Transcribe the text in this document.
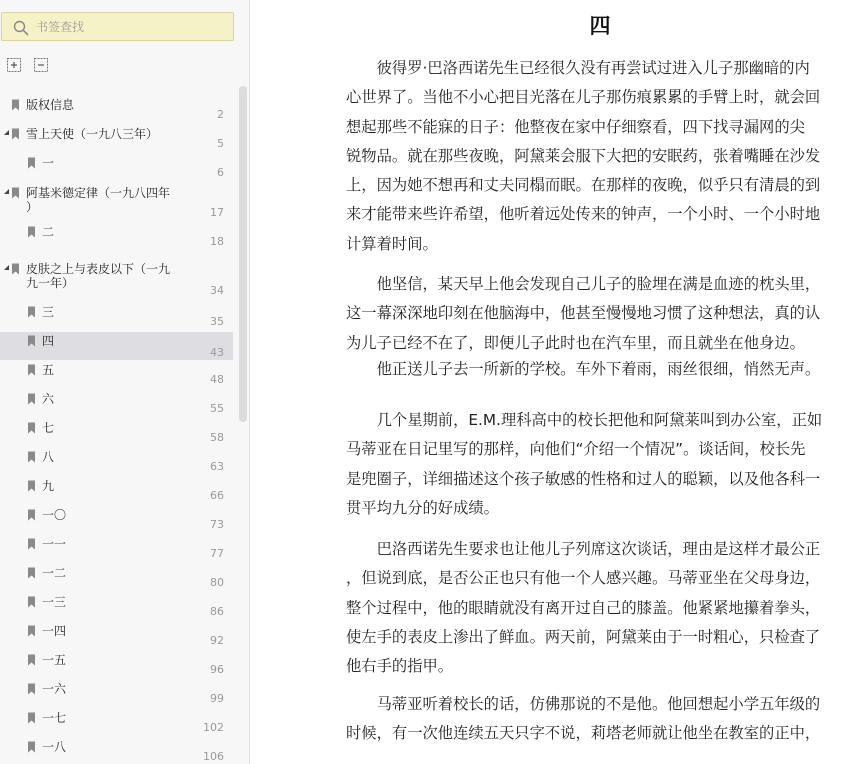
书签查找
版权信息
2
雪上天使（一九八三年）
5
一
6
阿基米德定律（一九八四年
）	17
二
18
皮肤之上与表皮以下（一九
九一年）
34
三
35
四
43
五
48
六
55
七
58
八
63
九
66
一〇
73
一一
77
一二
80
一三
86
一四
92
一五
96
一六
99
一七
102
一八
106
四

　　彼得罗·巴洛西诺先生已经很久没有再尝试过进入儿子那幽暗的内
心世界了。当他不小心把目光落在儿子那伤痕累累的手臂上时，就会回
想起那些不能寐的日子：他整夜在家中仔细察看，四下找寻漏网的尖
锐物品。就在那些夜晚，阿黛莱会服下大把的安眠药，张着嘴睡在沙发
上，因为她不想再和丈夫同榻而眠。在那样的夜晚，似乎只有清晨的到
来才能带来些许希望，他听着远处传来的钟声，一个小时、一个小时地
计算着时间。

　　他坚信，某天早上他会发现自己儿子的脸埋在满是血迹的枕头里，
这一幕深深地印刻在他脑海中，他甚至慢慢地习惯了这种想法，真的认
为儿子已经不在了，即便儿子此时也在汽车里，而且就坐在他身边。

　　他正送儿子去一所新的学校。车外下着雨，雨丝很细，悄然无声。

　　几个星期前，E.M.理科高中的校长把他和阿黛莱叫到办公室，正如
马蒂亚在日记里写的那样，向他们“介绍一个情况”。谈话间，校长先
是兜圈子，详细描述这个孩子敏感的性格和过人的聪颖，以及他各科一
贯平均九分的好成绩。

　　巴洛西诺先生要求也让他儿子列席这次谈话，理由是这样才最公正
，但说到底，是否公正也只有他一个人感兴趣。马蒂亚坐在父母身边，
整个过程中，他的眼睛就没有离开过自己的膝盖。他紧紧地攥着拳头，
使左手的表皮上渗出了鲜血。两天前，阿黛莱由于一时粗心，只检查了
他右手的指甲。

　　马蒂亚听着校长的话，仿佛那说的不是他。他回想起小学五年级的
时候，有一次他连续五天只字不说，莉塔老师就让他坐在教室的正中，
